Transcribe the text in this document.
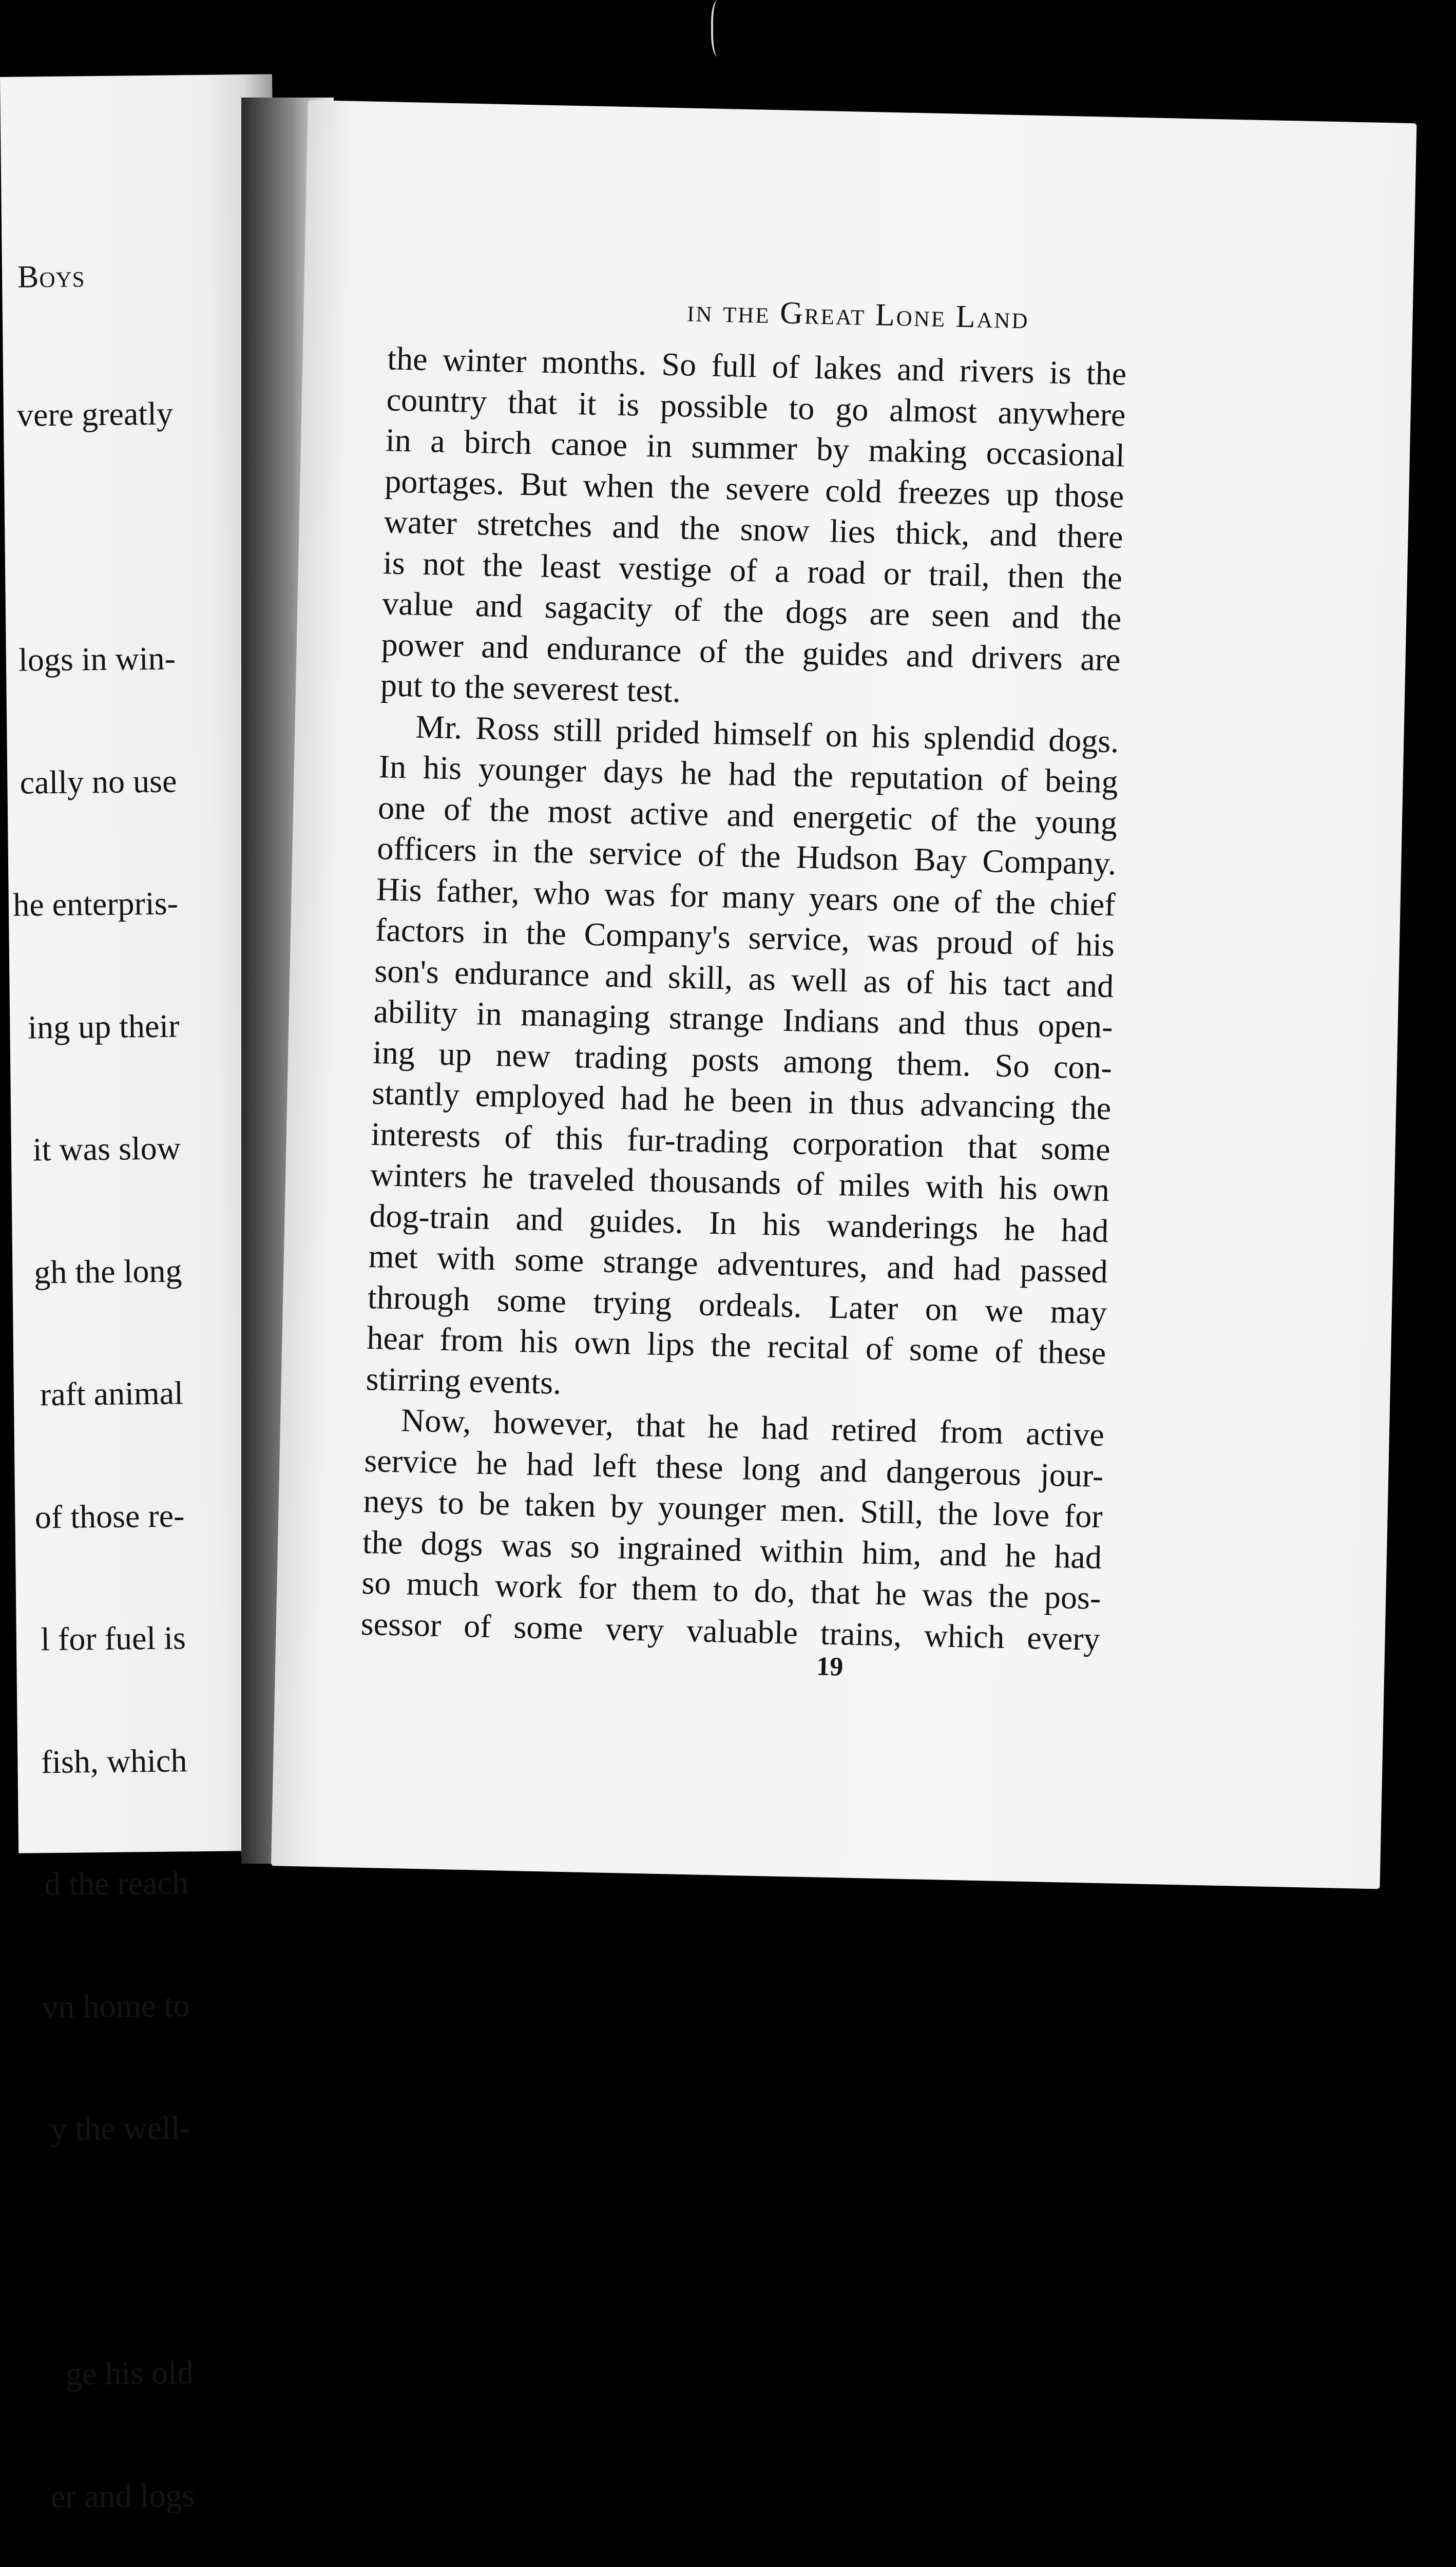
Boys

vere greatly

logs in win-

cally no use

he enterpris-

ing up their

it was slow

gh the long

raft animal

of those re-

l for fuel is

fish, which

d the reach

vn home to

y the well-

ge his old

er and logs

in the Great Lone Land
the winter months. So full of lakes and rivers is the
country that it is possible to go almost anywhere
in a birch canoe in summer by making occasional
portages. But when the severe cold freezes up those
water stretches and the snow lies thick, and there
is not the least vestige of a road or trail, then the
value and sagacity of the dogs are seen and the
power and endurance of the guides and drivers are
put to the severest test.
Mr. Ross still prided himself on his splendid dogs.
In his younger days he had the reputation of being
one of the most active and energetic of the young
officers in the service of the Hudson Bay Company.
His father, who was for many years one of the chief
factors in the Company's service, was proud of his
son's endurance and skill, as well as of his tact and
ability in managing strange Indians and thus open-
ing up new trading posts among them. So con-
stantly employed had he been in thus advancing the
interests of this fur-trading corporation that some
winters he traveled thousands of miles with his own
dog-train and guides. In his wanderings he had
met with some strange adventures, and had passed
through some trying ordeals. Later on we may
hear from his own lips the recital of some of these
stirring events.
Now, however, that he had retired from active
service he had left these long and dangerous jour-
neys to be taken by younger men. Still, the love for
the dogs was so ingrained within him, and he had
so much work for them to do, that he was the pos-
sessor of some very valuable trains, which every
19
